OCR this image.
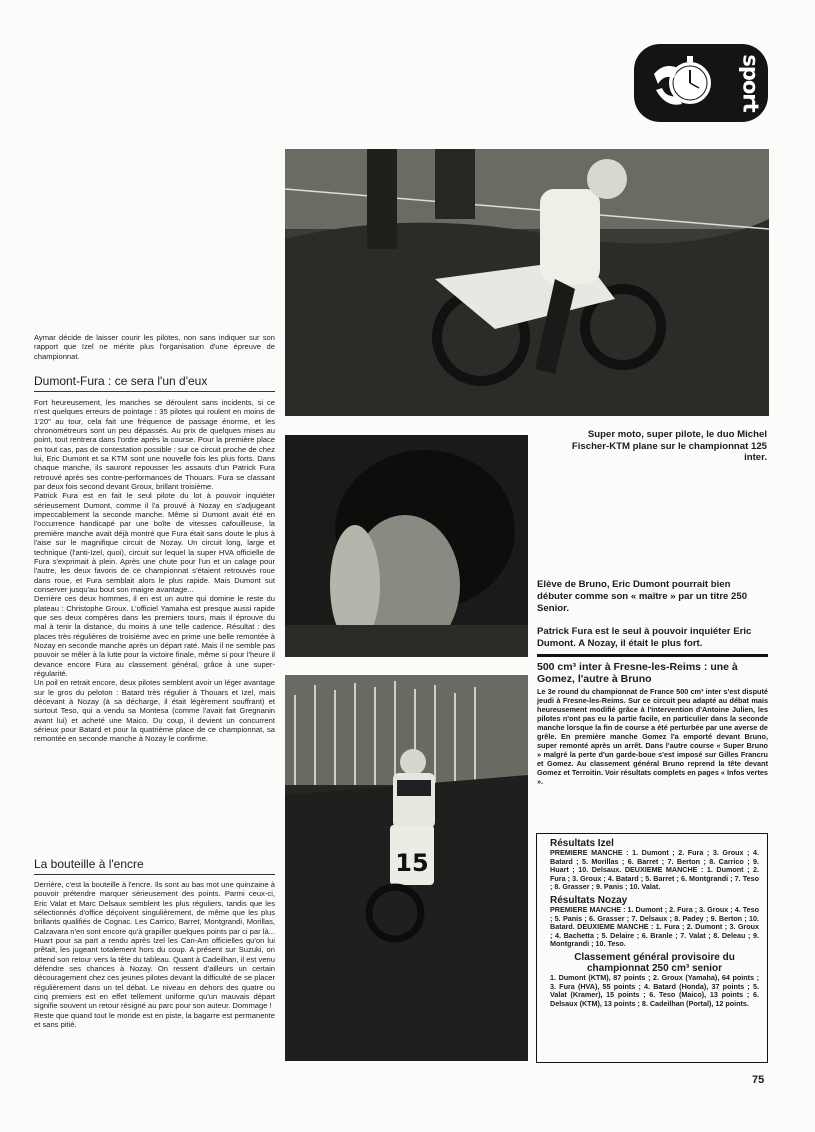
sport

Aymar décide de laisser courir les pilotes, non sans indiquer sur son rapport que Izel ne mérite plus l'organisation d'une épreuve de championnat.

Dumont-Fura : ce sera l'un d'eux

Fort heureusement, les manches se déroulent sans incidents, si ce n'est quelques erreurs de pointage : 35 pilotes qui roulent en moins de 1'20" au tour, cela fait une fréquence de passage énorme, et les chronométreurs sont un peu dépassés. Au prix de quelques mises au point, tout rentrera dans l'ordre après la course. Pour la première place en tout cas, pas de contestation possible : sur ce circuit proche de chez lui, Eric Dumont et sa KTM sont une nouvelle fois les plus forts. Dans chaque manche, ils sauront repousser les assauts d'un Patrick Fura retrouvé après ses contre-performances de Thouars. Fura se classant par deux fois second devant Groux, brillant troisième.

Patrick Fura est en fait le seul pilote du lot à pouvoir inquiéter sérieusement Dumont, comme il l'a prouvé à Nozay en s'adjugeant impeccablement la seconde manche. Même si Dumont avait été en l'occurrence handicapé par une boîte de vitesses cafouilleuse, la première manche avait déjà montré que Fura était sans doute le plus à l'aise sur le magnifique circuit de Nozay. Un circuit long, large et technique (l'anti-Izel, quoi), circuit sur lequel la super HVA officielle de Fura s'exprimait à plein. Après une chute pour l'un et un calage pour l'autre, les deux favoris de ce championnat s'étaient retrouvés roue dans roue, et Fura semblait alors le plus rapide. Mais Dumont sut conserver jusqu'au bout son maigre avantage...

Derrière ces deux hommes, il en est un autre qui domine le reste du plateau : Christophe Groux. L'officiel Yamaha est presque aussi rapide que ses deux compères dans les premiers tours, mais il éprouve du mal à tenir la distance, du moins à une telle cadence. Résultat : des places très régulières de troisième avec en prime une belle remontée à Nozay en seconde manche après un départ raté. Mais il ne semble pas pouvoir se mêler à la lutte pour la victoire finale, même si pour l'heure il devance encore Fura au classement général, grâce à une super-régularité.

Un poil en retrait encore, deux pilotes semblent avoir un léger avantage sur le gros du peloton : Batard très régulier à Thouars et Izel, mais décevant à Nozay (à sa décharge, il était légèrement souffrant) et surtout Teso, qui a vendu sa Montesa (comme l'avait fait Gregnanin avant lui) et acheté une Maico. Du coup, il devient un concurrent sérieux pour Batard et pour la quatrième place de ce championnat, sa remontée en seconde manche à Nozay le confirme.

La bouteille à l'encre

Derrière, c'est la bouteille à l'encre. Ils sont au bas mot une quinzaine à pouvoir prétendre marquer sérieusement des points. Parmi ceux-ci, Eric Valat et Marc Delsaux semblent les plus réguliers, tandis que les sélectionnés d'office déçoivent singulièrement, de même que les plus brillants qualifiés de Cognac. Les Carrico, Barret, Montgrandi, Morillas, Calzavara n'en sont encore qu'à grapiller quelques points par ci par là... Huart pour sa part a rendu après Izel les Can-Am officielles qu'on lui prêtait, les jugeant totalement hors du coup. A présent sur Suzuki, on attend son retour vers la tête du tableau. Quant à Cadeilhan, il est venu défendre ses chances à Nozay. On ressent d'ailleurs un certain découragement chez ces jeunes pilotes devant la difficulté de se placer régulièrement dans un tel débat. Le niveau en dehors des quatre ou cinq premiers est en effet tellement uniforme qu'un mauvais départ signifie souvent un retour résigné au parc pour son auteur. Dommage !

Reste que quand tout le monde est en piste, la bagarre est permanente et sans pitié.

Super moto, super pilote, le duo Michel Fischer-KTM plane sur le championnat 125 inter.
Elève de Bruno, Eric Dumont pourrait bien débuter comme son « maître » par un titre 250 Senior.
Patrick Fura est le seul à pouvoir inquiéter Eric Dumont. A Nozay, il était le plus fort.
15
500 cm³ inter à Fresne-les-Reims : une à Gomez, l'autre à Bruno
Le 3e round du championnat de France 500 cm³ inter s'est disputé jeudi à Fresne-les-Reims. Sur ce circuit peu adapté au débat mais heureusement modifié grâce à l'intervention d'Antoine Julien, les pilotes n'ont pas eu la partie facile, en particulier dans la seconde manche lorsque la fin de course a été perturbée par une averse de grêle. En première manche Gomez l'a emporté devant Bruno, super remonté après un arrêt. Dans l'autre course « Super Bruno » malgré la perte d'un garde-boue s'est imposé sur Gilles Francru et Gomez. Au classement général Bruno reprend la tête devant Gomez et Terroitin. Voir résultats complets en pages « Infos vertes ».
Résultats Izel

PREMIERE MANCHE : 1. Dumont ; 2. Fura ; 3. Groux ; 4. Batard ; 5. Morillas ; 6. Barret ; 7. Berton ; 8. Carrico ; 9. Huart ; 10. Delsaux. DEUXIEME MANCHE : 1. Dumont ; 2. Fura ; 3. Groux ; 4. Batard ; 5. Barret ; 6. Montgrandi ; 7. Teso ; 8. Grasser ; 9. Panis ; 10. Valat.

Résultats Nozay

PREMIERE MANCHE : 1. Dumont ; 2. Fura ; 3. Groux ; 4. Teso ; 5. Panis ; 6. Grasser ; 7. Delsaux ; 8. Padey ; 9. Berton ; 10. Batard. DEUXIEME MANCHE : 1. Fura ; 2. Dumont ; 3. Groux ; 4. Bachetta ; 5. Delaire ; 6. Branle ; 7. Valat ; 8. Deleau ; 9. Montgrandi ; 10. Teso.

Classement général provisoire du championnat 250 cm³ senior

1. Dumont (KTM), 87 points ; 2. Groux (Yamaha), 64 points ; 3. Fura (HVA), 55 points ; 4. Batard (Honda), 37 points ; 5. Valat (Kramer), 15 points ; 6. Teso (Maico), 13 points ; 6. Delsaux (KTM), 13 points ; 8. Cadeilhan (Portal), 12 points.

75
